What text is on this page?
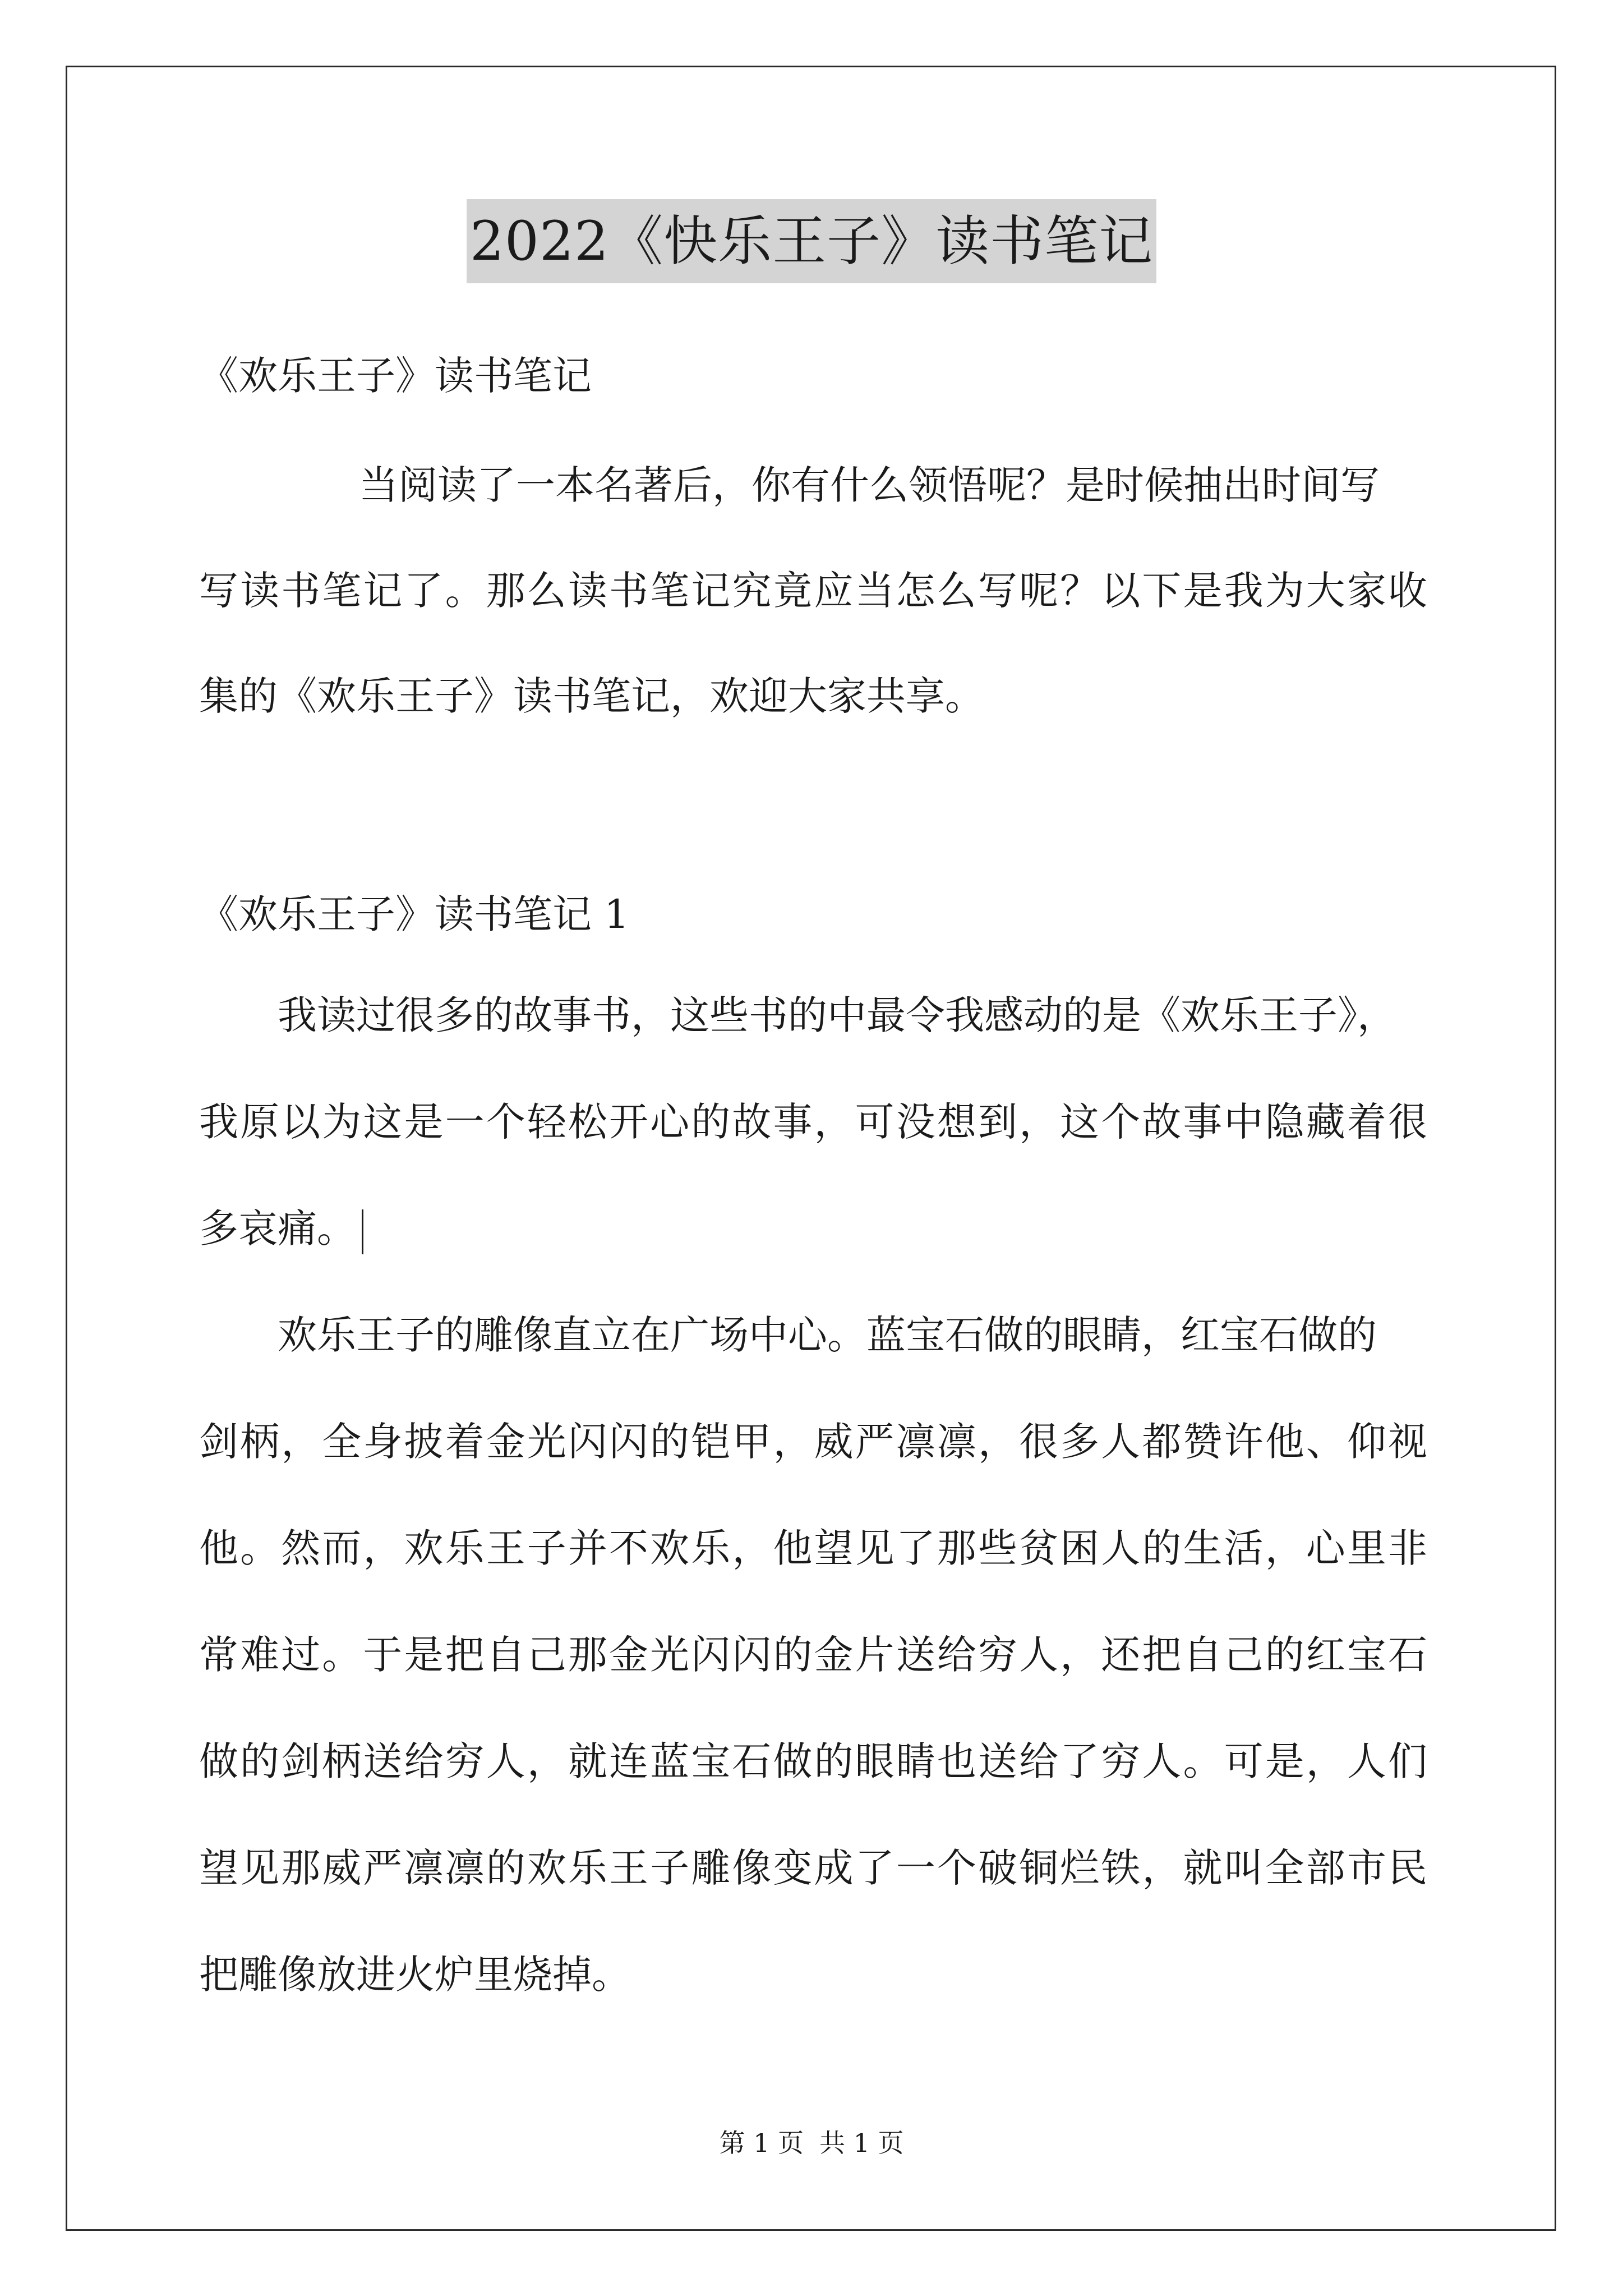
2022《快乐王子》读书笔记
《欢乐王子》读书笔记
当阅读了一本名著后，你有什么领悟呢？是时候抽出时间写
写读书笔记了。那么读书笔记究竟应当怎么写呢？以下是我为大家收
集的《欢乐王子》读书笔记，欢迎大家共享。
《欢乐王子》读书笔记 1
我读过很多的故事书，这些书的中最令我感动的是《欢乐王子》，
我原以为这是一个轻松开心的故事，可没想到，这个故事中隐藏着很
多哀痛。
欢乐王子的雕像直立在广场中心。蓝宝石做的眼睛，红宝石做的
剑柄，全身披着金光闪闪的铠甲，威严凛凛，很多人都赞许他、仰视
他。然而，欢乐王子并不欢乐，他望见了那些贫困人的生活，心里非
常难过。于是把自己那金光闪闪的金片送给穷人，还把自己的红宝石
做的剑柄送给穷人，就连蓝宝石做的眼睛也送给了穷人。可是，人们
望见那威严凛凛的欢乐王子雕像变成了一个破铜烂铁，就叫全部市民
把雕像放进火炉里烧掉。
第 1 页 共 1 页
